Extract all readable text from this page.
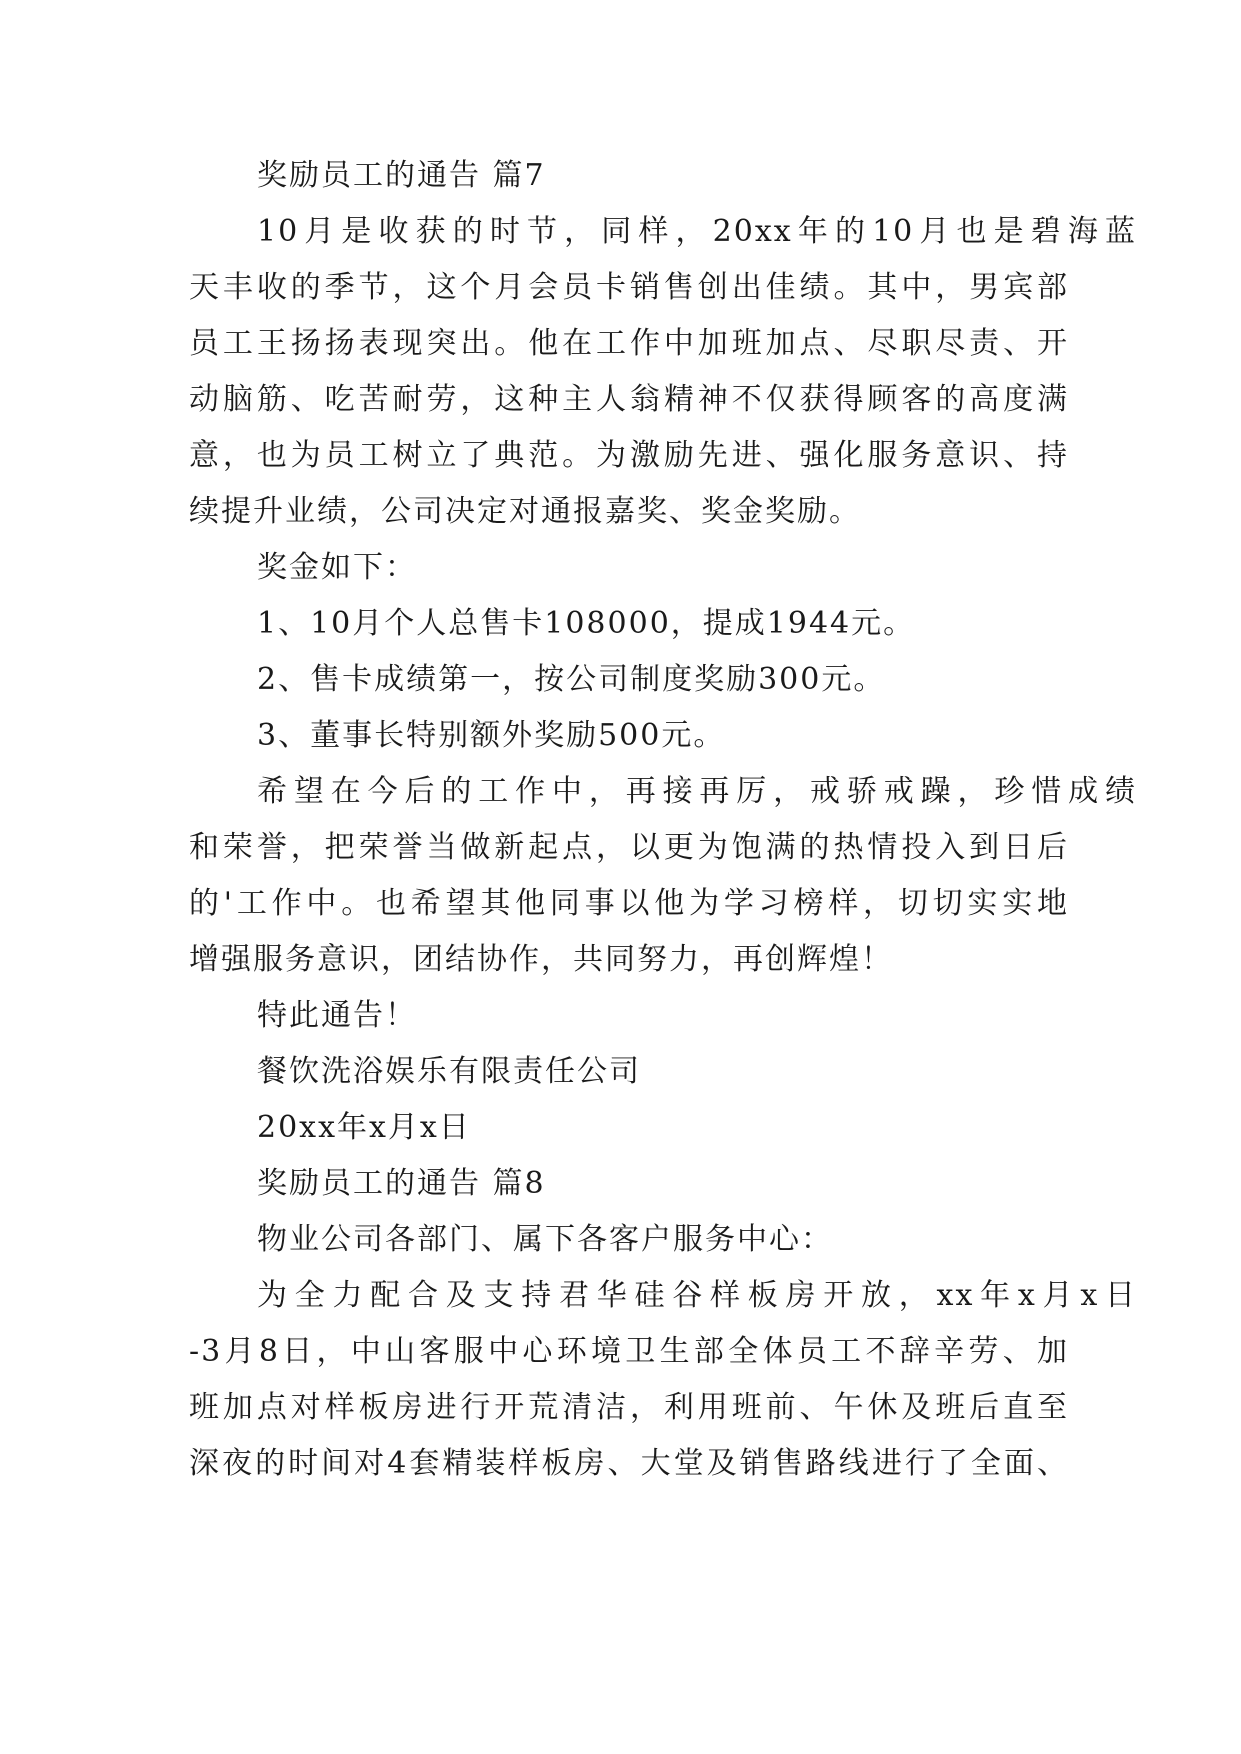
奖励员工的通告 篇7
10月是收获的时节，同样，20xx年的10月也是碧海蓝
天丰收的季节，这个月会员卡销售创出佳绩。其中，男宾部
员工王扬扬表现突出。他在工作中加班加点、尽职尽责、开
动脑筋、吃苦耐劳，这种主人翁精神不仅获得顾客的高度满
意，也为员工树立了典范。为激励先进、强化服务意识、持
续提升业绩，公司决定对通报嘉奖、奖金奖励。
奖金如下：
1、10月个人总售卡108000，提成1944元。
2、售卡成绩第一，按公司制度奖励300元。
3、董事长特别额外奖励500元。
希望在今后的工作中，再接再厉，戒骄戒躁，珍惜成绩
和荣誉，把荣誉当做新起点，以更为饱满的热情投入到日后
的'工作中。也希望其他同事以他为学习榜样，切切实实地
增强服务意识，团结协作，共同努力，再创辉煌！
特此通告！
餐饮洗浴娱乐有限责任公司
20xx年x月x日
奖励员工的通告 篇8
物业公司各部门、属下各客户服务中心：
为全力配合及支持君华硅谷样板房开放，xx年x月x日
-3月8日，中山客服中心环境卫生部全体员工不辞辛劳、加
班加点对样板房进行开荒清洁，利用班前、午休及班后直至
深夜的时间对4套精装样板房、大堂及销售路线进行了全面、
